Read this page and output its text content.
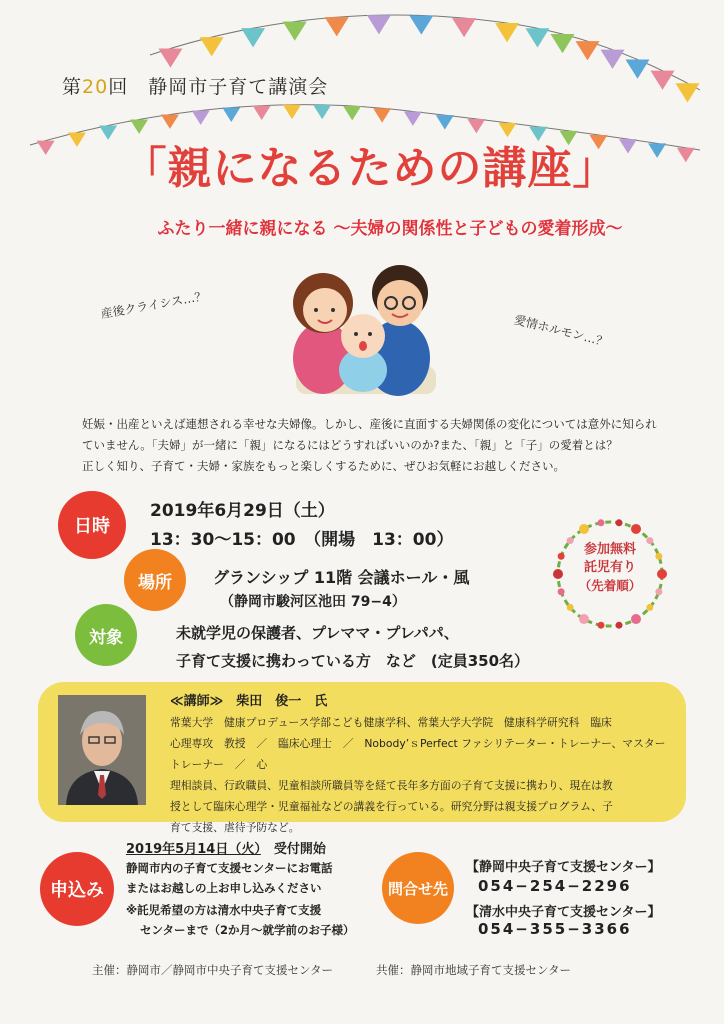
第20回　 静岡市子育て講演会
「親になるための講座」
ふたり一緒に親になる ～夫婦の関係性と子どもの愛着形成～
産後クライシス…？
愛情ホルモン…？

妊娠・出産といえば連想される幸せな夫婦像。しかし、産後に直面する夫婦関係の変化については意外に知られ

ていません。「夫婦」が一緒に「親」になるにはどうすればいいのか?また、「親」と「子」の愛着とは？

正しく知り、子育て・夫婦・家族をもっと楽しくするために、ぜひお気軽にお越しください。

日時
2019年6月29日（土）
13：30～15：00　（開場　13：00）
場所	グランシップ 11階 会議ホール・風
（静岡市駿河区池田 79−4）
対象	未就学児の保護者、プレママ・プレパパ、
子育て支援に携わっている方　など　(定員350名）
参加無料
託児有り
（先着順）
≪講師≫　柴田　俊一　氏
常葉大学　健康プロデュース学部こども健康学科、常葉大学大学院　健康科学研究科　臨床
心理専攻　教授　／　臨床心理士　／　Nobody’ｓPerfect ファシリテーター・トレーナー、マスタートレーナー　／　心
理相談員、行政職員、児童相談所職員等を経て長年多方面の子育て支援に携わり、現在は教
授として臨床心理学・児童福祉などの講義を行っている。研究分野は親支援プログラム、子
育て支援、虐待予防など。
申込み
2019年5月14日（火）　 受付開始
静岡市内の子育て支援センターにお電話
またはお越しの上お申し込みください
※託児希望の方は清水中央子育て支援
センターまで（2か月～就学前のお子様）
問合せ先
【静岡中央子育て支援センター】
054−254−2296
【清水中央子育て支援センター】
054−355−3366
主催：静岡市／静岡市中央子育て支援センター	共催：静岡市地域子育て支援センター
